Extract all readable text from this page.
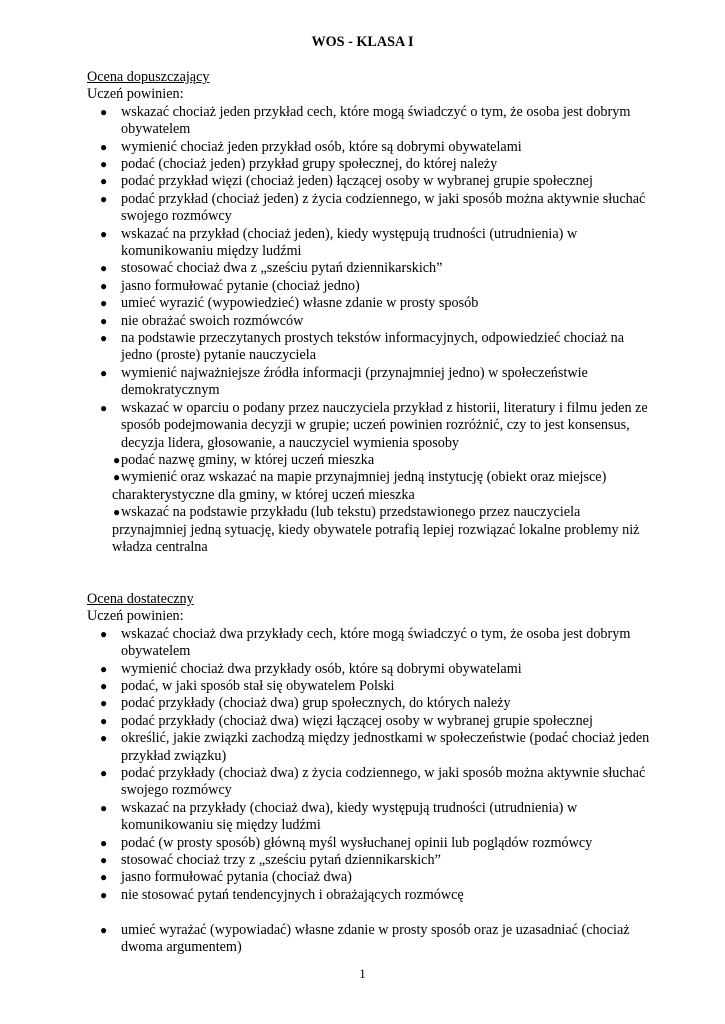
WOS - KLASA I
Ocena dopuszczający
Uczeń powinien:
● wskazać chociaż jeden przykład cech, które mogą świadczyć o tym, że osoba jest dobrym obywatelem
● wymienić chociaż jeden przykład osób, które są dobrymi obywatelami
● podać (chociaż jeden) przykład grupy społecznej, do której należy
● podać przykład więzi (chociaż jeden) łączącej osoby w wybranej grupie społecznej
● podać przykład (chociaż jeden) z życia codziennego, w jaki sposób można aktywnie słuchać swojego rozmówcy
● wskazać na przykład (chociaż jeden), kiedy występują trudności (utrudnienia) w komunikowaniu między ludźmi
● stosować chociaż dwa z „sześciu pytań dziennikarskich”
● jasno formułować pytanie (chociaż jedno)
● umieć wyrazić (wypowiedzieć) własne zdanie w prosty sposób
● nie obrażać swoich rozmówców
● na podstawie przeczytanych prostych tekstów informacyjnych, odpowiedzieć chociaż na jedno (proste) pytanie nauczyciela
● wymienić najważniejsze źródła informacji (przynajmniej jedno) w społeczeństwie demokratycznym
● wskazać w oparciu o podany przez nauczyciela przykład z historii, literatury i filmu jeden ze sposób podejmowania decyzji w grupie; uczeń powinien rozróżnić, czy to jest konsensus, decyzja lidera, głosowanie, a nauczyciel wymienia sposoby
● podać nazwę gminy, w której uczeń mieszka
● wymienić oraz wskazać na mapie przynajmniej jedną instytucję (obiekt oraz miejsce) charakterystyczne dla gminy, w której uczeń mieszka
● wskazać na podstawie przykładu (lub tekstu) przedstawionego przez nauczyciela przynajmniej jedną sytuację, kiedy obywatele potrafią lepiej rozwiązać lokalne problemy niż władza centralna
Ocena dostateczny
Uczeń powinien:
● wskazać chociaż dwa przykłady cech, które mogą świadczyć o tym, że osoba jest dobrym obywatelem
● wymienić chociaż dwa przykłady osób, które są dobrymi obywatelami
● podać, w jaki sposób stał się obywatelem Polski
● podać przykłady (chociaż dwa) grup społecznych, do których należy
● podać przykłady (chociaż dwa) więzi łączącej osoby w wybranej grupie społecznej
● określić, jakie związki zachodzą między jednostkami w społeczeństwie (podać chociaż jeden przykład związku)
● podać przykłady (chociaż dwa) z życia codziennego, w jaki sposób można aktywnie słuchać swojego rozmówcy
● wskazać na przykłady (chociaż dwa), kiedy występują trudności (utrudnienia) w komunikowaniu się między ludźmi
● podać (w prosty sposób) główną myśl wysłuchanej opinii lub poglądów rozmówcy
● stosować chociaż trzy z „sześciu pytań dziennikarskich”
● jasno formułować pytania (chociaż dwa)
● nie stosować pytań tendencyjnych i obrażających rozmówcę
● umieć wyrażać (wypowiadać) własne zdanie w prosty sposób oraz je uzasadniać (chociaż dwoma argumentem)
1
